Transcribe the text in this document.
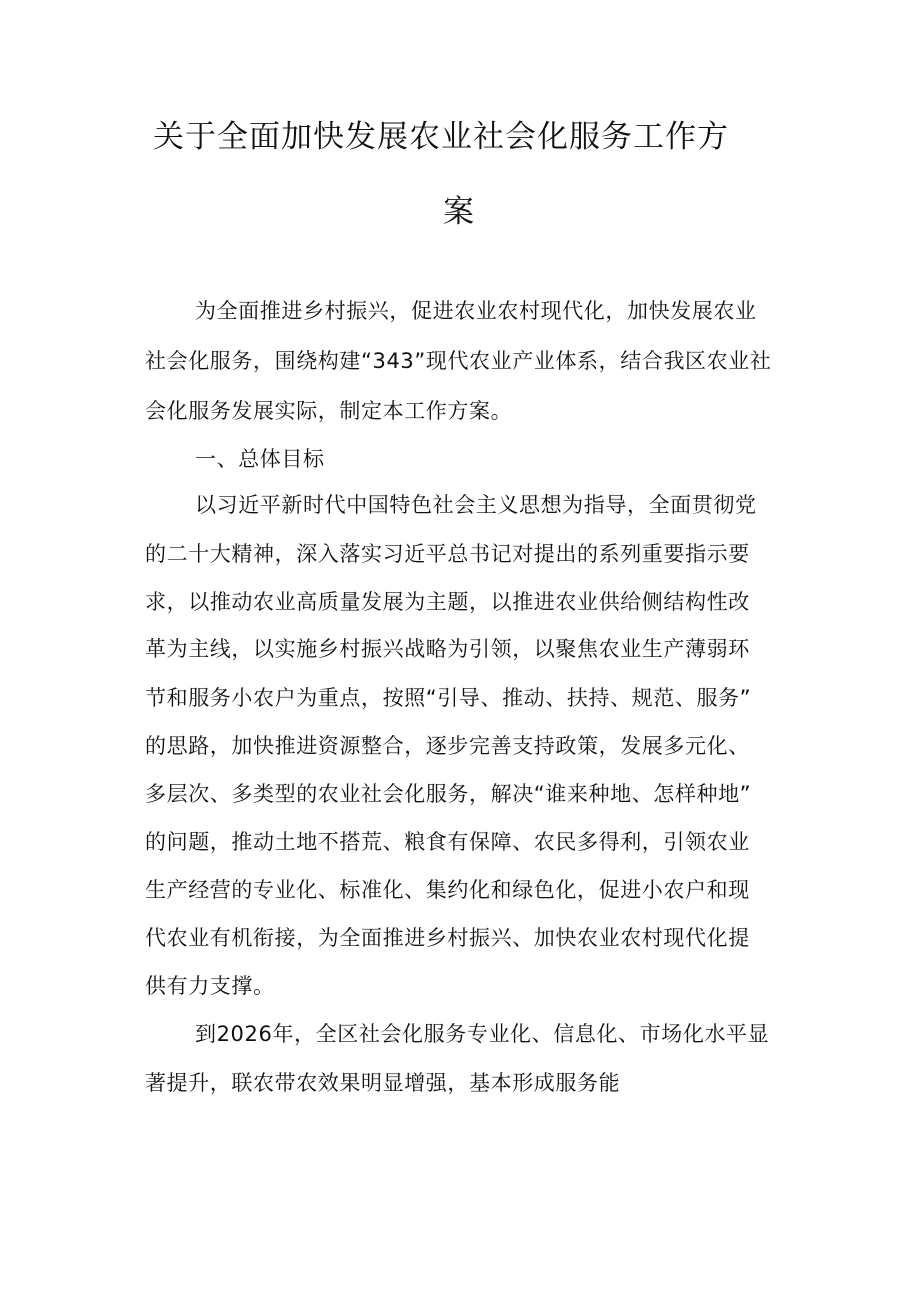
关于全面加快发展农业社会化服务工作方
案
为全面推进乡村振兴，促进农业农村现代化，加快发展农业
社会化服务，围绕构建“343”现代农业产业体系，结合我区农业社
会化服务发展实际，制定本工作方案。
一、总体目标
以习近平新时代中国特色社会主义思想为指导，全面贯彻党
的二十大精神，深入落实习近平总书记对提出的系列重要指示要
求，以推动农业高质量发展为主题，以推进农业供给侧结构性改
革为主线，以实施乡村振兴战略为引领，以聚焦农业生产薄弱环
节和服务小农户为重点，按照“引导、推动、扶持、规范、服务”
的思路，加快推进资源整合，逐步完善支持政策，发展多元化、
多层次、多类型的农业社会化服务，解决“谁来种地、怎样种地”
的问题，推动土地不搭荒、粮食有保障、农民多得利，引领农业
生产经营的专业化、标准化、集约化和绿色化，促进小农户和现
代农业有机衔接，为全面推进乡村振兴、加快农业农村现代化提
供有力支撑。
到2026年，全区社会化服务专业化、信息化、市场化水平显
著提升，联农带农效果明显增强，基本形成服务能
